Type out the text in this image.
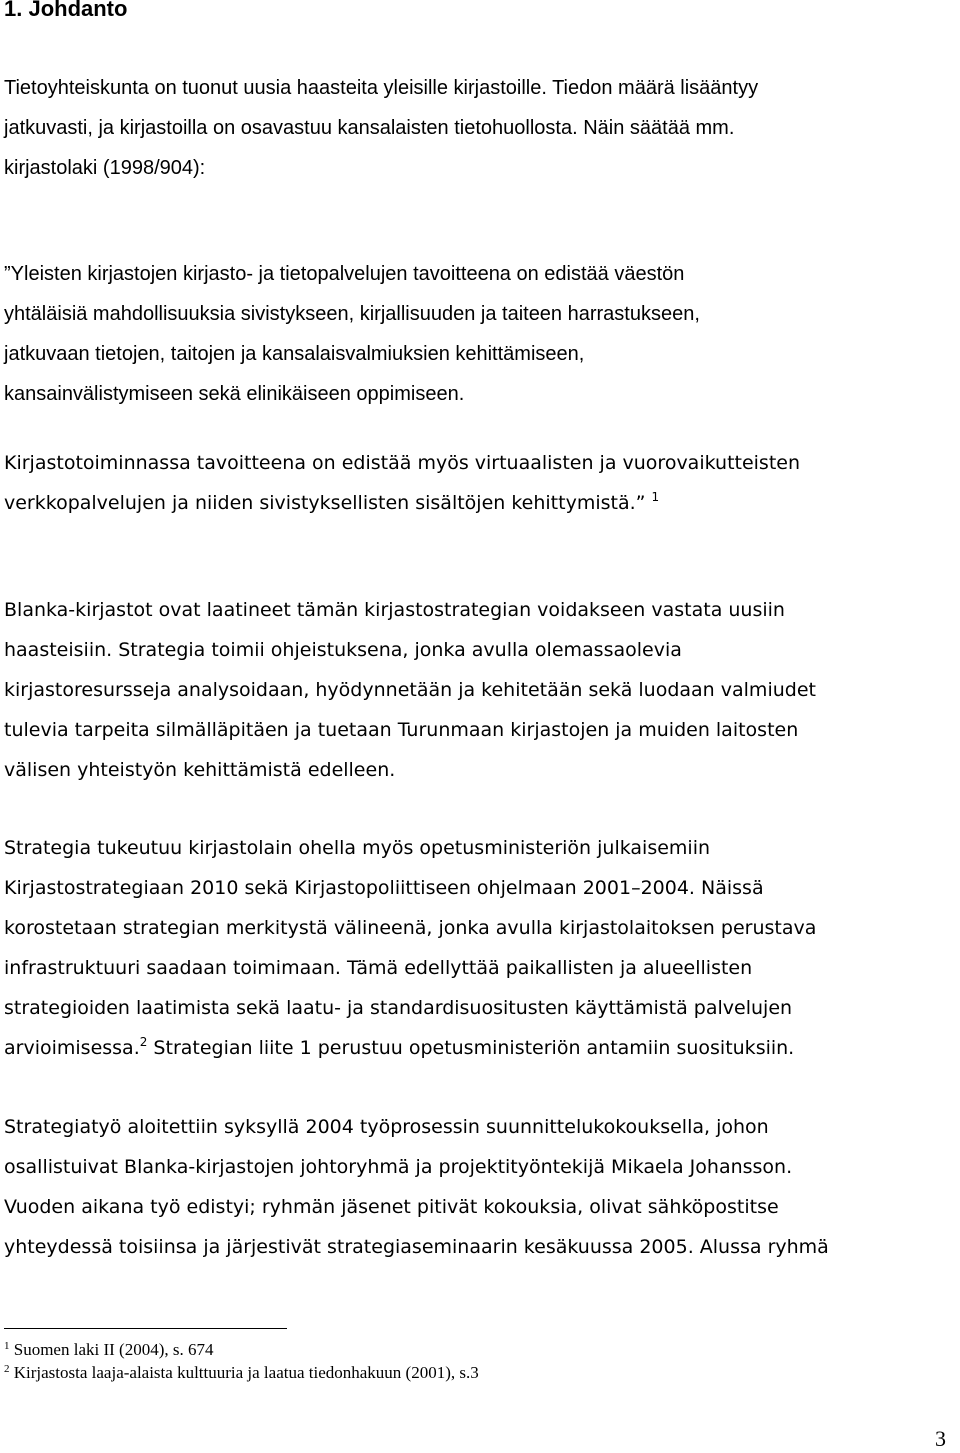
1. Johdanto
Tietoyhteiskunta on tuonut uusia haasteita yleisille kirjastoille. Tiedon määrä lisääntyy
jatkuvasti, ja kirjastoilla on osavastuu kansalaisten tietohuollosta. Näin säätää mm.
kirjastolaki (1998/904):
”Yleisten kirjastojen kirjasto- ja tietopalvelujen tavoitteena on edistää väestön
yhtäläisiä mahdollisuuksia sivistykseen, kirjallisuuden ja taiteen harrastukseen,
jatkuvaan tietojen, taitojen ja kansalaisvalmiuksien kehittämiseen,
kansainvälistymiseen sekä elinikäiseen oppimiseen.
Kirjastotoiminnassa tavoitteena on edistää myös virtuaalisten ja vuorovaikutteisten
verkkopalvelujen ja niiden sivistyksellisten sisältöjen kehittymistä.” $^1$
Blanka-kirjastot ovat laatineet tämän kirjastostrategian voidakseen vastata uusiin
haasteisiin. Strategia toimii ohjeistuksena, jonka avulla olemassaolevia
kirjastoresursseja analysoidaan, hyödynnetään ja kehitetään sekä luodaan valmiudet
tulevia tarpeita silmälläpitäen ja tuetaan Turunmaan kirjastojen ja muiden laitosten
välisen yhteistyön kehittämistä edelleen.
Strategia tukeutuu kirjastolain ohella myös opetusministeriön julkaisemiin
Kirjastostrategiaan 2010 sekä Kirjastopoliittiseen ohjelmaan 2001–2004. Näissä
korostetaan strategian merkitystä välineenä, jonka avulla kirjastolaitoksen perustava
infrastruktuuri saadaan toimimaan. Tämä edellyttää paikallisten ja alueellisten
strategioiden laatimista sekä laatu- ja standardisuositusten käyttämistä palvelujen
arvioimisessa.$^2$ Strategian liite 1 perustuu opetusministeriön antamiin suosituksiin.
Strategiatyö aloitettiin syksyllä 2004 työprosessin suunnittelukokouksella, johon
osallistuivat Blanka-kirjastojen johtoryhmä ja projektityöntekijä Mikaela Johansson.
Vuoden aikana työ edistyi; ryhmän jäsenet pitivät kokouksia, olivat sähköpostitse
yhteydessä toisiinsa ja järjestivät strategiaseminaarin kesäkuussa 2005. Alussa ryhmä
$^1$ Suomen laki II (2004), s. 674
$^2$ Kirjastosta laaja-alaista kulttuuria ja laatua tiedonhakuun (2001), s.3
3
